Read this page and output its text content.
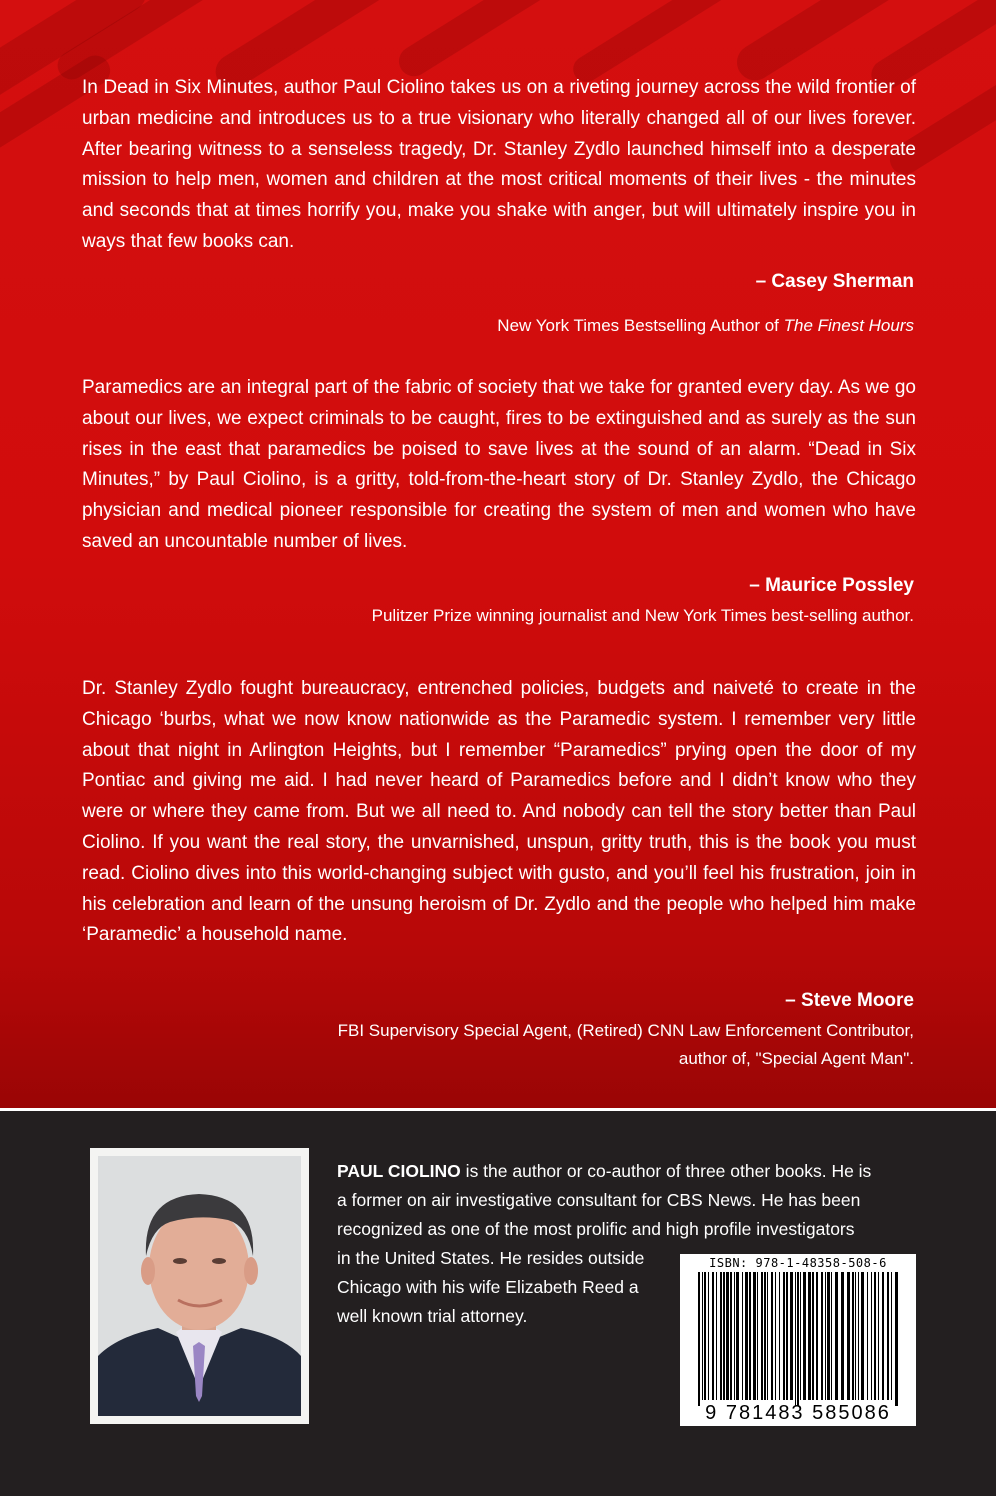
In Dead in Six Minutes, author Paul Ciolino takes us on a riveting journey across the wild frontier of urban medicine and introduces us to a true visionary who literally changed all of our lives forever. After bearing witness to a senseless tragedy, Dr. Stanley Zydlo launched himself into a desperate mission to help men, women and children at the most critical moments of their lives - the minutes and seconds that at times horrify you, make you shake with anger, but will ultimately inspire you in ways that few books can.
– Casey Sherman
New York Times Bestselling Author of The Finest Hours
Paramedics are an integral part of the fabric of society that we take for granted every day. As we go about our lives, we expect criminals to be caught, fires to be extinguished and as surely as the sun rises in the east that paramedics be poised to save lives at the sound of an alarm. “Dead in Six Minutes,” by Paul Ciolino, is a gritty, told-from-the-heart story of Dr. Stanley Zydlo, the Chicago physician and medical pioneer responsible for creating the system of men and women who have saved an uncountable number of lives.
– Maurice Possley
Pulitzer Prize winning journalist and New York Times best-selling author.
Dr. Stanley Zydlo fought bureaucracy, entrenched policies, budgets and naiveté to create in the Chicago ‘burbs, what we now know nationwide as the Paramedic system. I remember very little about that night in Arlington Heights, but I remember “Paramedics” prying open the door of my Pontiac and giving me aid. I had never heard of Paramedics before and I didn’t know who they were or where they came from. But we all need to. And nobody can tell the story better than Paul Ciolino. If you want the real story, the unvarnished, unspun, gritty truth, this is the book you must read. Ciolino dives into this world-changing subject with gusto, and you’ll feel his frustration, join in his celebration and learn of the unsung heroism of Dr. Zydlo and the people who helped him make ‘Paramedic’ a household name.
– Steve Moore
FBI Supervisory Special Agent, (Retired) CNN Law Enforcement Contributor,
author of, "Special Agent Man".
PAUL CIOLINO is the author or co-author of three other books. He is
a former on air investigative consultant for CBS News. He has been
recognized as one of the most prolific and high profile investigators
in the United States. He resides outside
Chicago with his wife Elizabeth Reed a
well known trial attorney.
ISBN: 978-1-48358-508-6
9 781483 585086
